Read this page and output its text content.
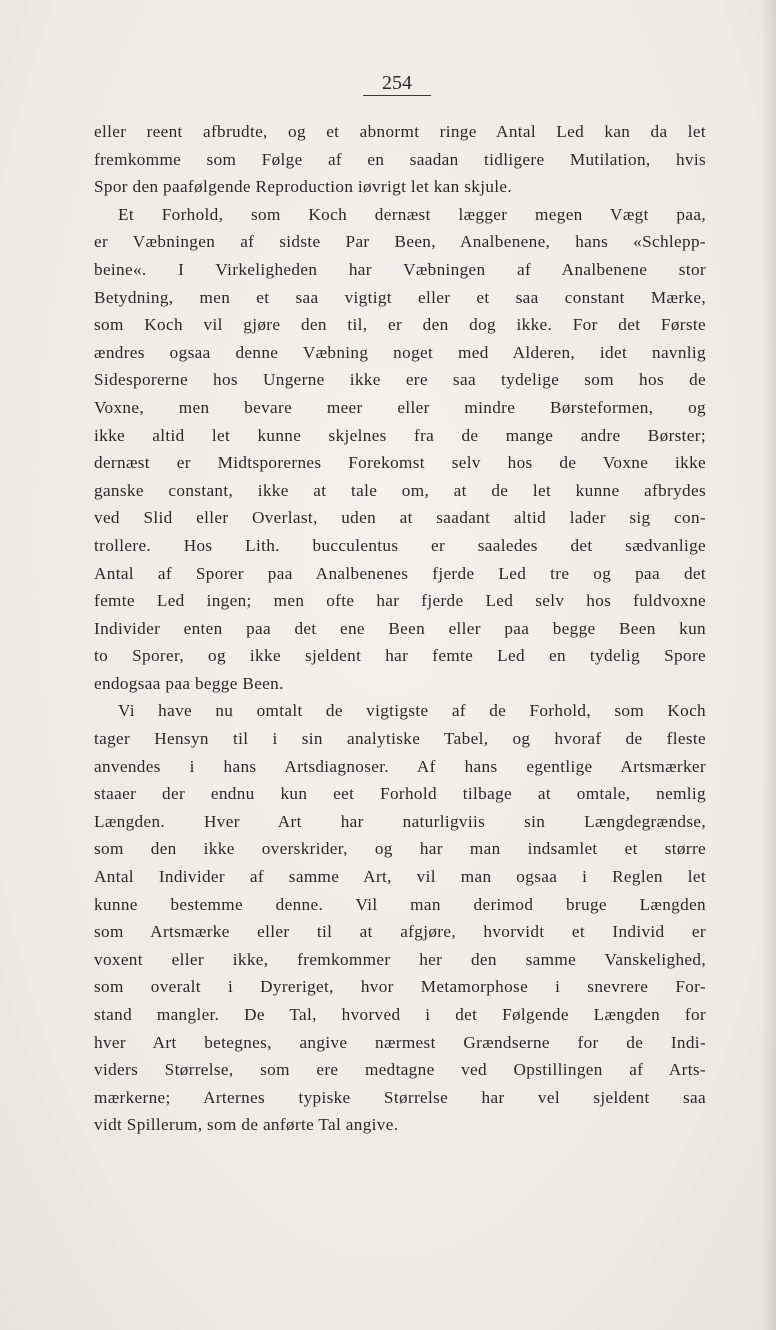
254
eller reent afbrudte, og et abnormt ringe Antal Led kan da let
fremkomme som Følge af en saadan tidligere Mutilation, hvis
Spor den paafølgende Reproduction iøvrigt let kan skjule.
Et Forhold, som Koch dernæst lægger megen Vægt paa,
er Væbningen af sidste Par Been, Analbenene, hans «Schlepp-
beine«. I Virkeligheden har Væbningen af Analbenene stor
Betydning, men et saa vigtigt eller et saa constant Mærke,
som Koch vil gjøre den til, er den dog ikke. For det Første
ændres ogsaa denne Væbning noget med Alderen, idet navnlig
Sidesporerne hos Ungerne ikke ere saa tydelige som hos de
Voxne, men bevare meer eller mindre Børsteformen, og
ikke altid let kunne skjelnes fra de mange andre Børster;
dernæst er Midtsporernes Forekomst selv hos de Voxne ikke
ganske constant, ikke at tale om, at de let kunne afbrydes
ved Slid eller Overlast, uden at saadant altid lader sig con-
trollere. Hos Lith. bucculentus er saaledes det sædvanlige
Antal af Sporer paa Analbenenes fjerde Led tre og paa det
femte Led ingen; men ofte har fjerde Led selv hos fuldvoxne
Individer enten paa det ene Been eller paa begge Been kun
to Sporer, og ikke sjeldent har femte Led en tydelig Spore
endogsaa paa begge Been.
Vi have nu omtalt de vigtigste af de Forhold, som Koch
tager Hensyn til i sin analytiske Tabel, og hvoraf de fleste
anvendes i hans Artsdiagnoser. Af hans egentlige Artsmærker
staaer der endnu kun eet Forhold tilbage at omtale, nemlig
Længden. Hver Art har naturligviis sin Længdegrændse,
som den ikke overskrider, og har man indsamlet et større
Antal Individer af samme Art, vil man ogsaa i Reglen let
kunne bestemme denne. Vil man derimod bruge Længden
som Artsmærke eller til at afgjøre, hvorvidt et Individ er
voxent eller ikke, fremkommer her den samme Vanskelighed,
som overalt i Dyreriget, hvor Metamorphose i snevrere For-
stand mangler. De Tal, hvorved i det Følgende Længden for
hver Art betegnes, angive nærmest Grændserne for de Indi-
viders Størrelse, som ere medtagne ved Opstillingen af Arts-
mærkerne; Arternes typiske Størrelse har vel sjeldent saa
vidt Spillerum, som de anførte Tal angive.
